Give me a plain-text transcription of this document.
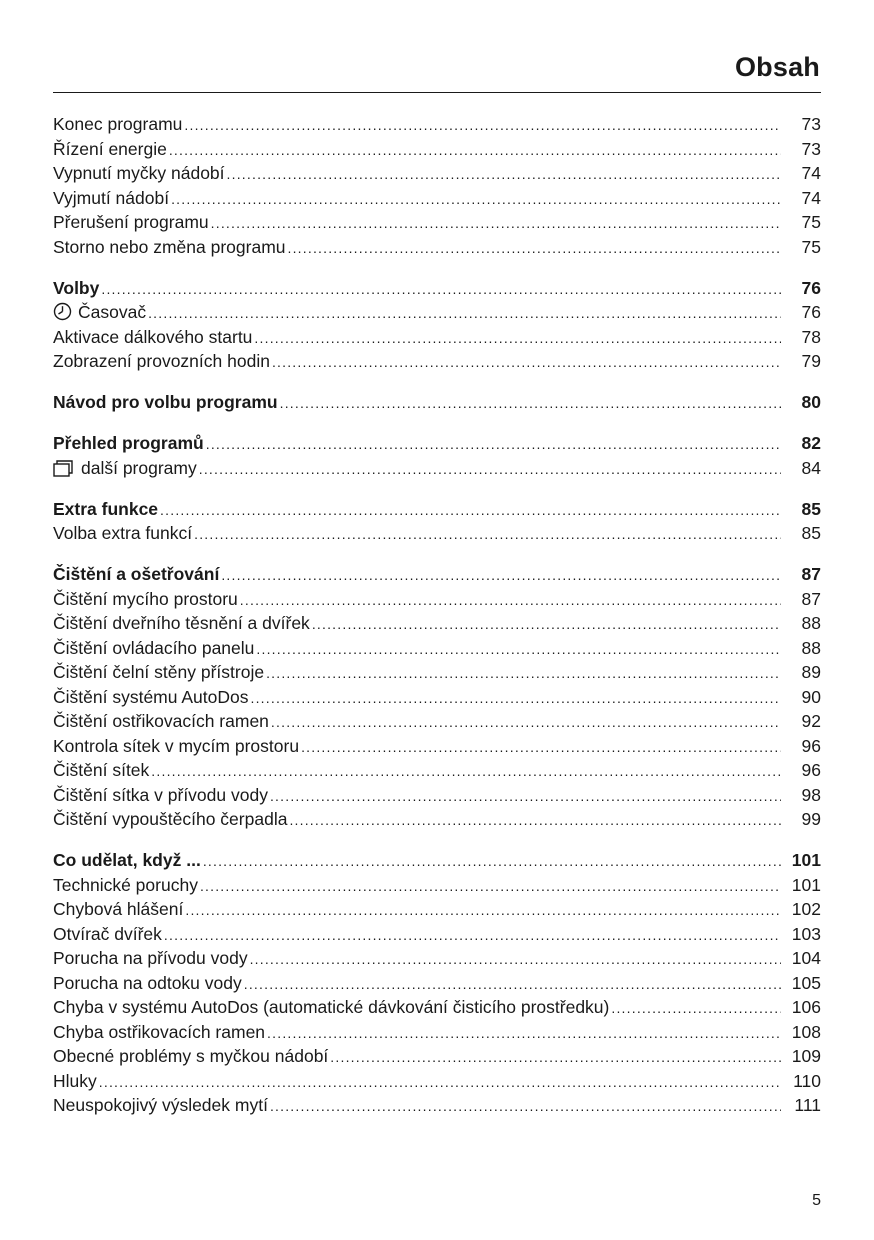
Obsah
Konec programu .....	73
Řízení energie .....	73
Vypnutí myčky nádobí .....	74
Vyjmutí nádobí .....	74
Přerušení programu .....	75
Storno nebo změna programu .....	75
Volby .....	76
Časovač .....	76
Aktivace dálkového startu .....	78
Zobrazení provozních hodin .....	79
Návod pro volbu programu .....	80
Přehled programů .....	82
další programy .....	84
Extra funkce .....	85
Volba extra funkcí .....	85
Čištění a ošetřování .....	87
Čištění mycího prostoru .....	87
Čištění dveřního těsnění a dvířek .....	88
Čištění ovládacího panelu .....	88
Čištění čelní stěny přístroje .....	89
Čištění systému AutoDos .....	90
Čištění ostřikovacích ramen .....	92
Kontrola sítek v mycím prostoru .....	96
Čištění sítek .....	96
Čištění sítka v přívodu vody .....	98
Čištění vypouštěcího čerpadla .....	99
Co udělat, když ... .....	101
Technické poruchy .....	101
Chybová hlášení .....	102
Otvírač dvířek .....	103
Porucha na přívodu vody .....	104
Porucha na odtoku vody .....	105
Chyba v systému AutoDos (automatické dávkování čisticího prostředku) .....	106
Chyba ostřikovacích ramen .....	108
Obecné problémy s myčkou nádobí .....	109
Hluky .....	110
Neuspokojivý výsledek mytí .....	111
5
